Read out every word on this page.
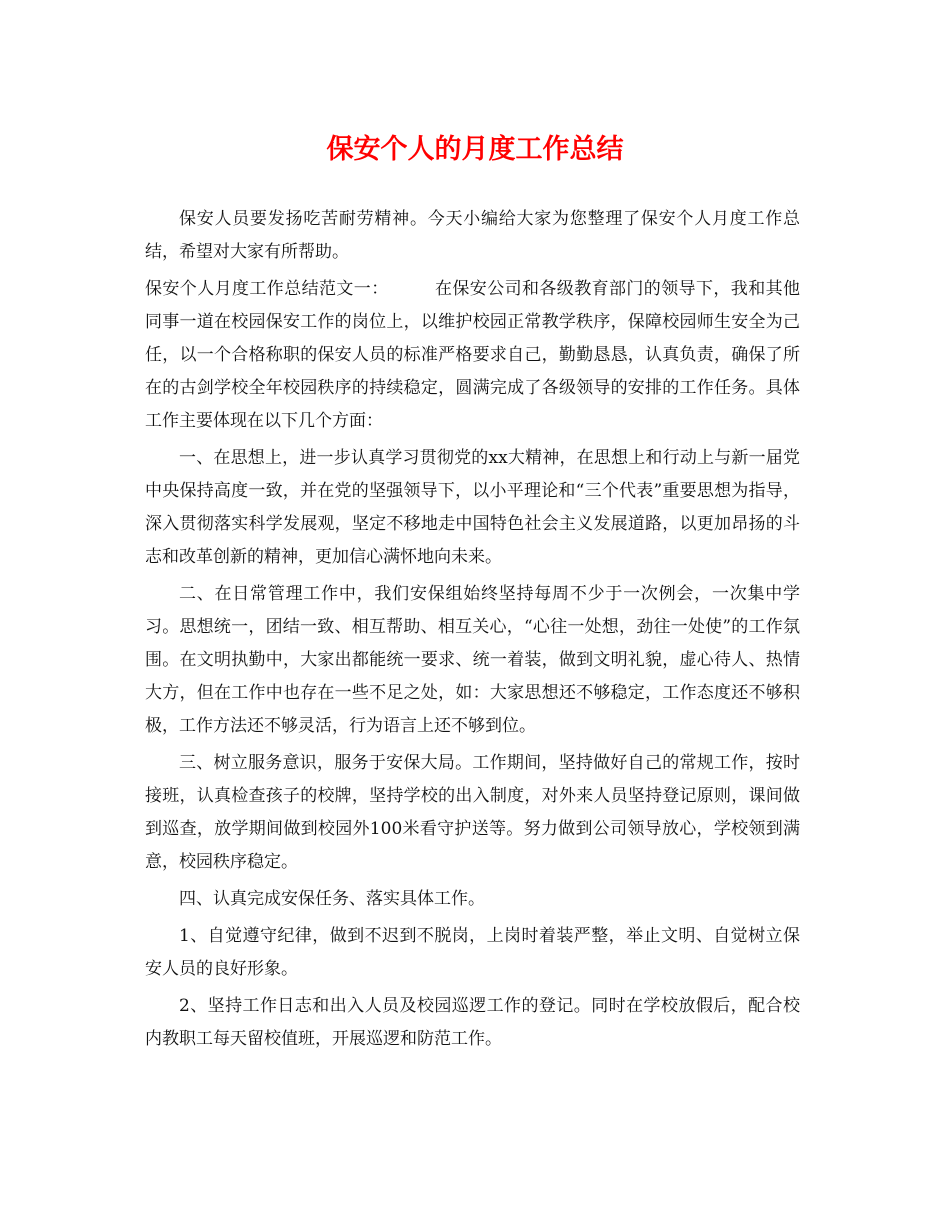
保安个人的月度工作总结

保安人员要发扬吃苦耐劳精神。今天小编给大家为您整理了保安个人月度工作总结，希望对大家有所帮助。

保安个人月度工作总结范文一：	在保安公司和各级教育部门的领导下，我和其他同事一道在校园保安工作的岗位上，以维护校园正常教学秩序，保障校园师生安全为己任，以一个合格称职的保安人员的标准严格要求自己，勤勤恳恳，认真负责，确保了所在的古剑学校全年校园秩序的持续稳定，圆满完成了各级领导的安排的工作任务。具体工作主要体现在以下几个方面：

一、在思想上，进一步认真学习贯彻党的xx大精神，在思想上和行动上与新一届党中央保持高度一致，并在党的坚强领导下，以小平理论和“三个代表”重要思想为指导，深入贯彻落实科学发展观，坚定不移地走中国特色社会主义发展道路，以更加昂扬的斗志和改革创新的精神，更加信心满怀地向未来。

二、在日常管理工作中，我们安保组始终坚持每周不少于一次例会，一次集中学习。思想统一，团结一致、相互帮助、相互关心，“心往一处想，劲往一处使”的工作氛围。在文明执勤中，大家出都能统一要求、统一着装，做到文明礼貌，虚心待人、热情大方，但在工作中也存在一些不足之处，如：大家思想还不够稳定，工作态度还不够积极，工作方法还不够灵活，行为语言上还不够到位。

三、树立服务意识，服务于安保大局。工作期间，坚持做好自己的常规工作，按时接班，认真检查孩子的校牌，坚持学校的出入制度，对外来人员坚持登记原则，课间做到巡查，放学期间做到校园外100米看守护送等。努力做到公司领导放心，学校领到满意，校园秩序稳定。

四、认真完成安保任务、落实具体工作。

1、自觉遵守纪律，做到不迟到不脱岗，上岗时着装严整，举止文明、自觉树立保安人员的良好形象。

2、坚持工作日志和出入人员及校园巡逻工作的登记。同时在学校放假后，配合校内教职工每天留校值班，开展巡逻和防范工作。
